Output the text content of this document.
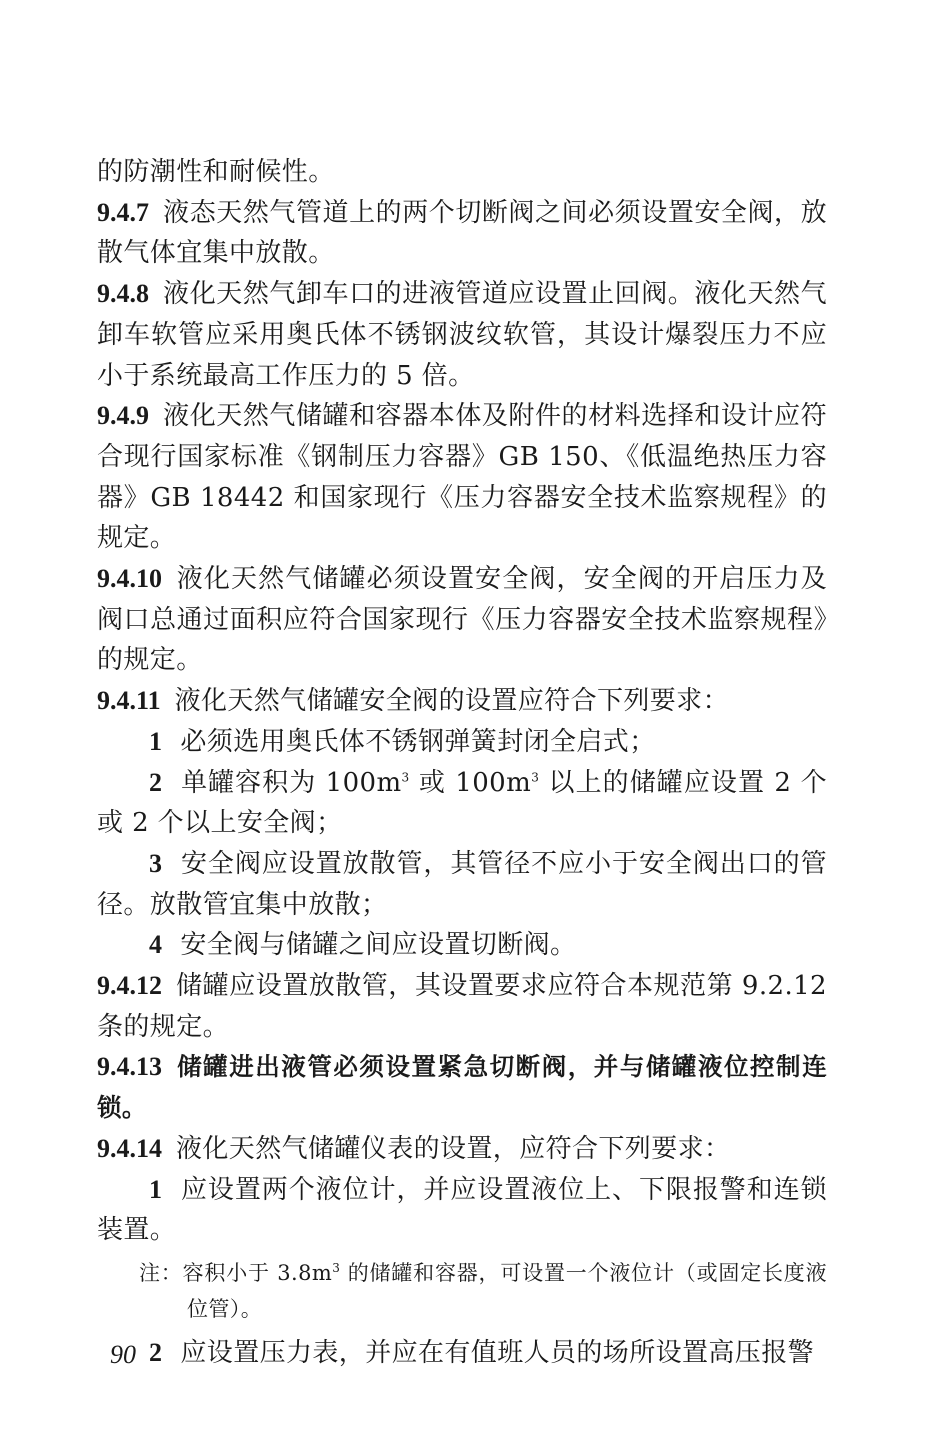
的防潮性和耐候性。

9.4.7 液态天然气管道上的两个切断阀之间必须设置安全阀，放散气体宜集中放散。

9.4.8 液化天然气卸车口的进液管道应设置止回阀。液化天然气卸车软管应采用奥氏体不锈钢波纹软管，其设计爆裂压力不应小于系统最高工作压力的 5 倍。

9.4.9 液化天然气储罐和容器本体及附件的材料选择和设计应符合现行国家标准《钢制压力容器》GB 150、《低温绝热压力容器》GB 18442 和国家现行《压力容器安全技术监察规程》的规定。

9.4.10 液化天然气储罐必须设置安全阀，安全阀的开启压力及阀口总通过面积应符合国家现行《压力容器安全技术监察规程》的规定。

9.4.11 液化天然气储罐安全阀的设置应符合下列要求：

1 必须选用奥氏体不锈钢弹簧封闭全启式；

2 单罐容积为 $100m^3$ 或 $100m^3$ 以上的储罐应设置 2 个或 2 个以上安全阀；

3 安全阀应设置放散管，其管径不应小于安全阀出口的管径。放散管宜集中放散；

4 安全阀与储罐之间应设置切断阀。

9.4.12 储罐应设置放散管，其设置要求应符合本规范第 9.2.12 条的规定。

9.4.13 储罐进出液管必须设置紧急切断阀，并与储罐液位控制连锁。

9.4.14 液化天然气储罐仪表的设置，应符合下列要求：

1 应设置两个液位计，并应设置液位上、下限报警和连锁装置。

注：容积小于 $3.8m^3$ 的储罐和容器，可设置一个液位计（或固定长度液位管）。

2 应设置压力表，并应在有值班人员的场所设置高压报警

90
